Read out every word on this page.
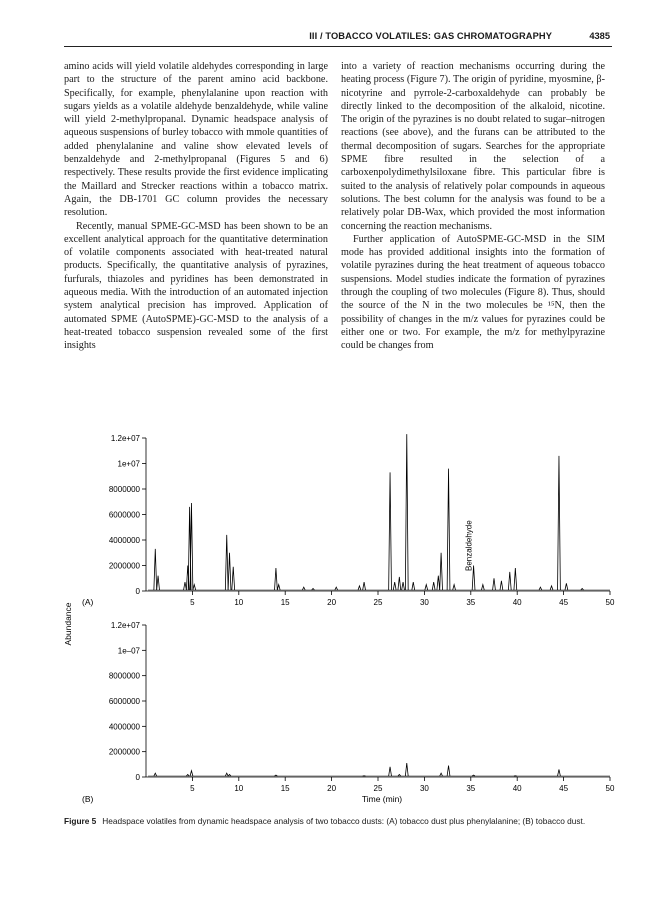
III / TOBACCO VOLATILES: GAS CHROMATOGRAPHY	4385

amino acids will yield volatile aldehydes corresponding in large part to the structure of the parent amino acid backbone. Specifically, for example, phenylalanine upon reaction with sugars yields as a volatile aldehyde benzaldehyde, while valine will yield 2-methylpropanal. Dynamic headspace analysis of aqueous suspensions of burley tobacco with mmole quantities of added phenylalanine and valine show elevated levels of benzaldehyde and 2-methylpropanal (Figures 5 and 6) respectively. These results provide the first evidence implicating the Maillard and Strecker reactions within a tobacco matrix. Again, the DB-1701 GC column provides the necessary resolution.

Recently, manual SPME-GC-MSD has been shown to be an excellent analytical approach for the quantitative determination of volatile components associated with heat-treated natural products. Specifically, the quantitative analysis of pyrazines, furfurals, thiazoles and pyridines has been demonstrated in aqueous media. With the introduction of an automated injection system analytical precision has improved. Application of automated SPME (AutoSPME)-GC-MSD to the analysis of a heat-treated tobacco suspension revealed some of the first insights

into a variety of reaction mechanisms occurring during the heating process (Figure 7). The origin of pyridine, myosmine, β-nicotyrine and pyrrole-2-carboxaldehyde can probably be directly linked to the decomposition of the alkaloid, nicotine. The origin of the pyrazines is no doubt related to sugar–nitrogen reactions (see above), and the furans can be attributed to the thermal decomposition of sugars. Searches for the appropriate SPME fibre resulted in the selection of a carboxenpolydimethylsiloxane fibre. This particular fibre is suited to the analysis of relatively polar compounds in aqueous solutions. The best column for the analysis was found to be a relatively polar DB-Wax, which provided the most information concerning the reaction mechanisms.

Further application of AutoSPME-GC-MSD in the SIM mode has provided additional insights into the formation of volatile pyrazines during the heat treatment of aqueous tobacco suspensions. Model studies indicate the formation of pyrazines through the coupling of two molecules (Figure 8). Thus, should the source of the N in the two molecules be ¹⁵N, then the possibility of changes in the m/z values for pyrazines could be either one or two. For example, the m/z for methylpyrazine could be changes from

Abundance
(A)
(B)	Time (min)
0
2000000
4000000
6000000
8000000
1e+07
1.2e+07
5	10	15	20	25	30	35	40	45	50
Benzaldehyde
0
2000000
4000000
6000000
8000000
1e–07
1.2e+07
5	10	15	20	25	30	35	40	45	50
Figure 5 Headspace volatiles from dynamic headspace analysis of two tobacco dusts: (A) tobacco dust plus phenylalanine; (B) tobacco dust.
